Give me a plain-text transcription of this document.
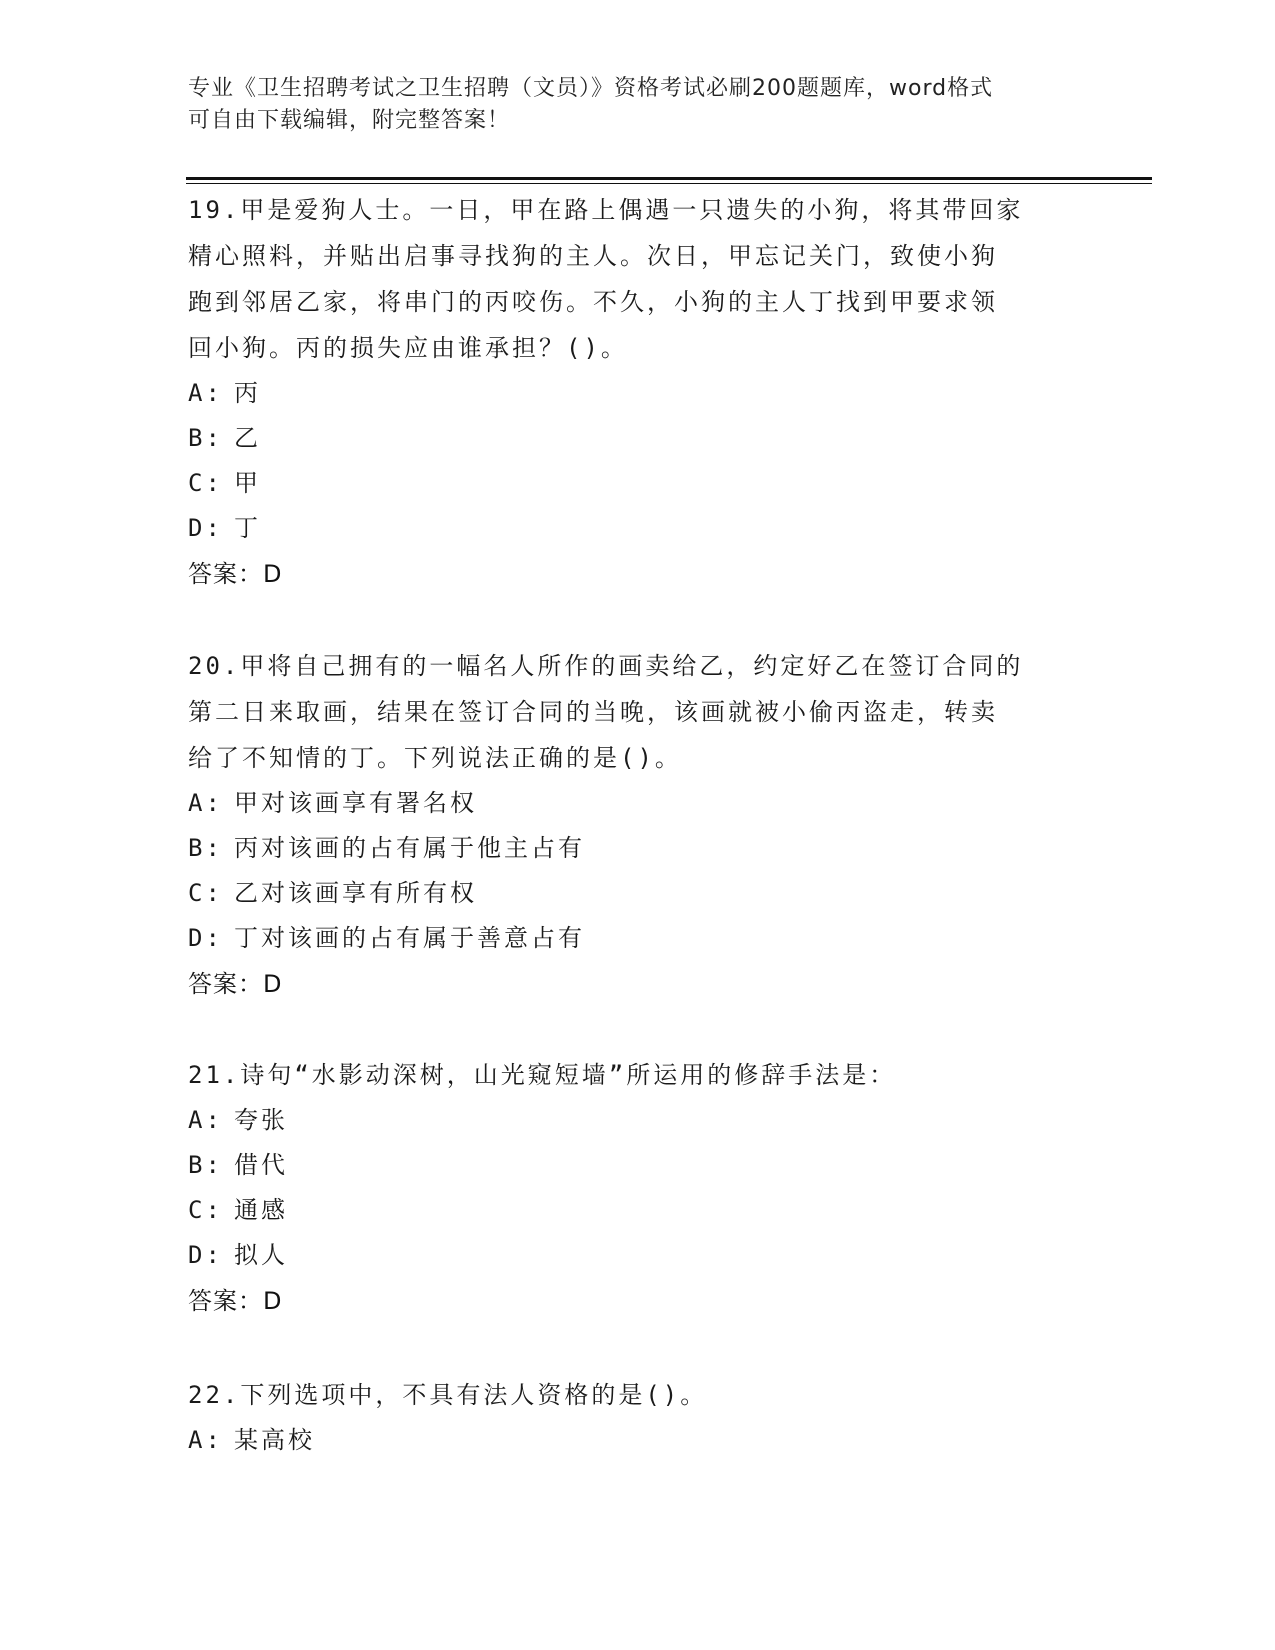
专业《卫生招聘考试之卫生招聘（文员）》资格考试必刷200题题库，word格式
可自由下载编辑，附完整答案！
19.甲是爱狗人士。一日，甲在路上偶遇一只遗失的小狗，将其带回家
精心照料，并贴出启事寻找狗的主人。次日，甲忘记关门，致使小狗
跑到邻居乙家，将串门的丙咬伤。不久，小狗的主人丁找到甲要求领
回小狗。丙的损失应由谁承担？()。
A: 丙
B: 乙
C: 甲
D: 丁
答案：D
20.甲将自己拥有的一幅名人所作的画卖给乙，约定好乙在签订合同的
第二日来取画，结果在签订合同的当晚，该画就被小偷丙盗走，转卖
给了不知情的丁。下列说法正确的是()。
A: 甲对该画享有署名权
B: 丙对该画的占有属于他主占有
C: 乙对该画享有所有权
D: 丁对该画的占有属于善意占有
答案：D
21.诗句“水影动深树，山光窥短墙”所运用的修辞手法是：
A: 夸张
B: 借代
C: 通感
D: 拟人
答案：D
22.下列选项中，不具有法人资格的是()。
A: 某高校
